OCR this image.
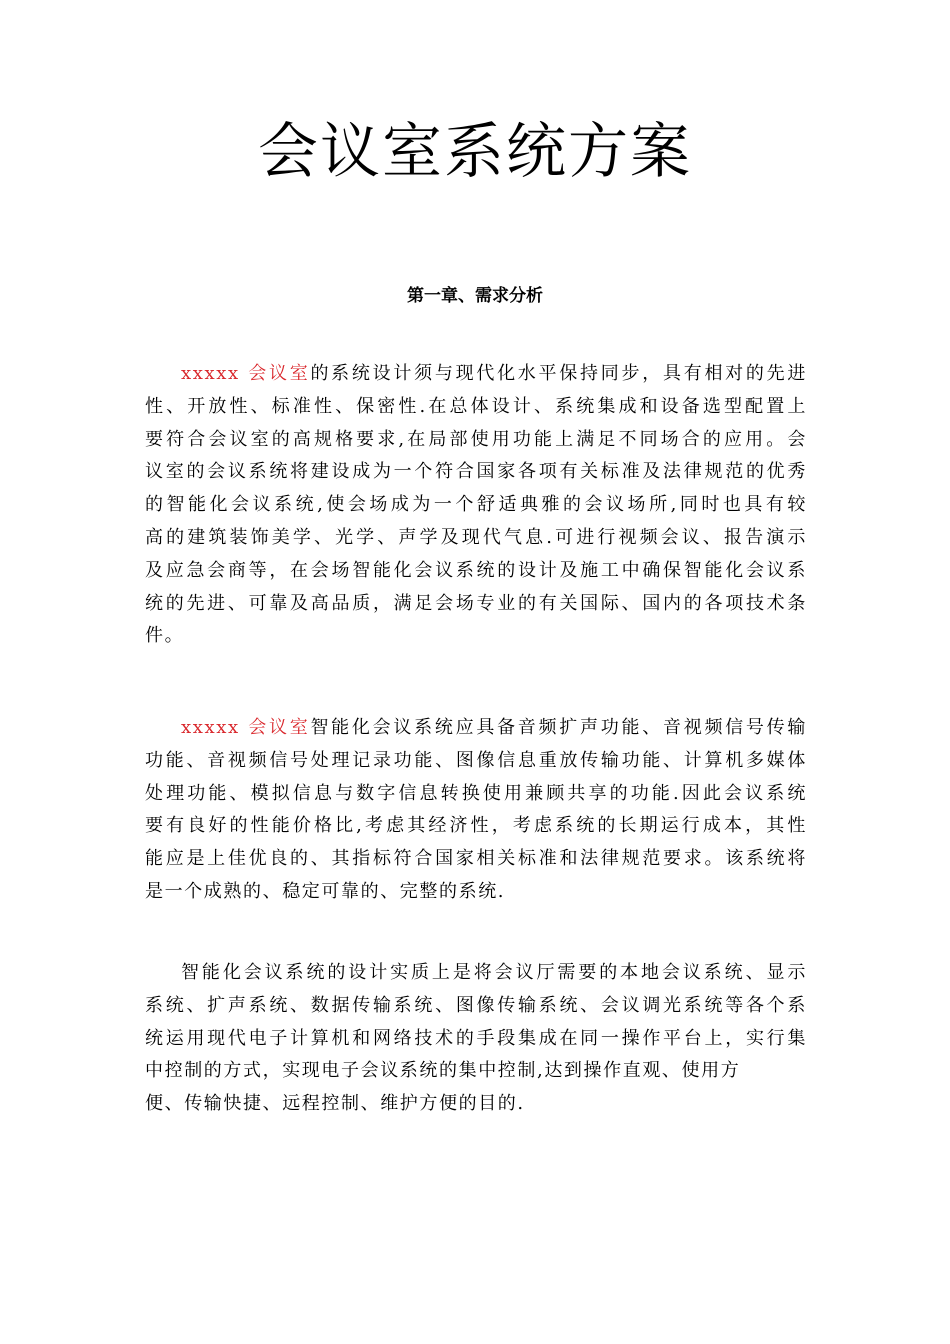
会议室系统方案
第一章、需求分析
xxxxx 会议室的系统设计须与现代化水平保持同步，具有相对的先进
性、开放性、标准性、保密性.在总体设计、系统集成和设备选型配置上
要符合会议室的高规格要求,在局部使用功能上满足不同场合的应用。会
议室的会议系统将建设成为一个符合国家各项有关标准及法律规范的优秀
的智能化会议系统,使会场成为一个舒适典雅的会议场所,同时也具有较
高的建筑装饰美学、光学、声学及现代气息.可进行视频会议、报告演示
及应急会商等，在会场智能化会议系统的设计及施工中确保智能化会议系
统的先进、可靠及高品质，满足会场专业的有关国际、国内的各项技术条
件。
xxxxx 会议室智能化会议系统应具备音频扩声功能、音视频信号传输
功能、音视频信号处理记录功能、图像信息重放传输功能、计算机多媒体
处理功能、模拟信息与数字信息转换使用兼顾共享的功能.因此会议系统
要有良好的性能价格比,考虑其经济性，考虑系统的长期运行成本，其性
能应是上佳优良的、其指标符合国家相关标准和法律规范要求。该系统将
是一个成熟的、稳定可靠的、完整的系统.
智能化会议系统的设计实质上是将会议厅需要的本地会议系统、显示
系统、扩声系统、数据传输系统、图像传输系统、会议调光系统等各个系
统运用现代电子计算机和网络技术的手段集成在同一操作平台上，实行集
中控制的方式，实现电子会议系统的集中控制,达到操作直观、使用方
便、传输快捷、远程控制、维护方便的目的.
